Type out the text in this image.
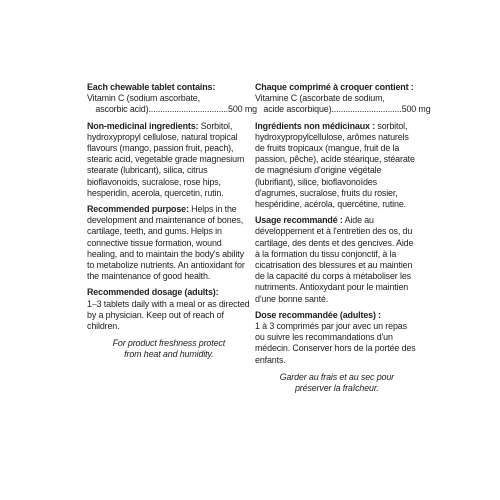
Each chewable tablet contains:
Vitamin C (sodium ascorbate,
ascorbic acid)..................................500 mg
Non-medicinal ingredients: Sorbitol, hydroxypropyl cellulose, natural tropical flavours (mango, passion fruit, peach), stearic acid, vegetable grade magnesium stearate (lubricant), silica, citrus bioflavonoids, sucralose, rose hips, hesperidin, acerola, quercetin, rutin.
Recommended purpose: Helps in the development and maintenance of bones, cartilage, teeth, and gums. Helps in connective tissue formation, wound healing, and to maintain the body's ability to metabolize nutrients. An antioxidant for the maintenance of good health.
Recommended dosage (adults):
1–3 tablets daily with a meal or as directed by a physician. Keep out of reach of children.
For product freshness protect
from heat and humidity.
Chaque comprimé à croquer contient :
Vitamine C (ascorbate de sodium,
acide ascorbique)..............................500 mg
Ingrédients non médicinaux : sorbitol, hydroxypropylcellulose, arômes naturels de fruits tropicaux (mangue, fruit de la passion, pêche), acide stéarique, stéarate de magnésium d'origine végétale (lubrifiant), silice, bioflavonoïdes d'agrumes, sucralose, fruits du rosier, hespéridine, acérola, quercétine, rutine.
Usage recommandé : Aide au développement et à l'entretien des os, du cartilage, des dents et des gencives. Aide à la formation du tissu conjonctif, à la cicatrisation des blessures et au maintien de la capacité du corps à métaboliser les nutriments. Antioxydant pour le maintien d'une bonne santé.
Dose recommandée (adultes) :
1 à 3 comprimés par jour avec un repas ou suivre les recommandations d'un médecin. Conserver hors de la portée des enfants.
Garder au frais et au sec pour
préserver la fraîcheur.
